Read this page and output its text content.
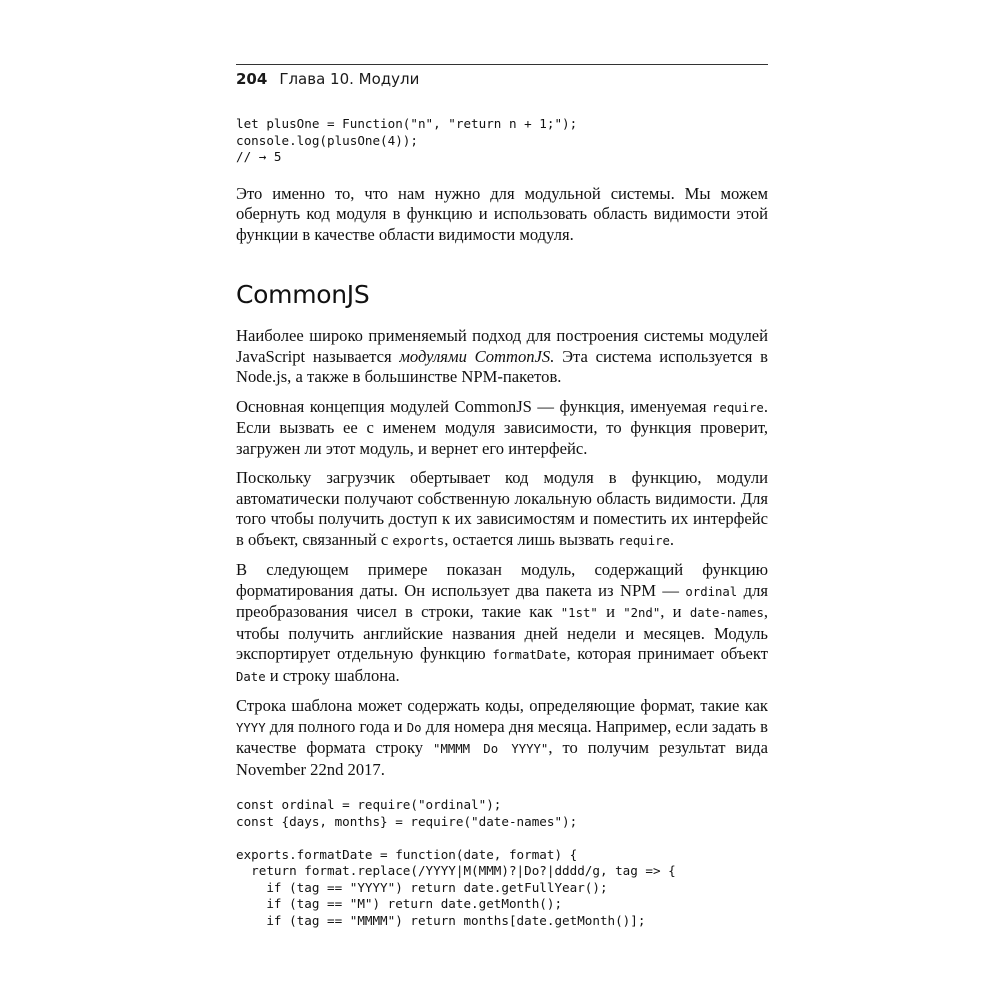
204 Глава 10. Модули
let plusOne = Function("n", "return n + 1;");
console.log(plusOne(4));
// → 5

Это именно то, что нам нужно для модульной системы. Мы можем обернуть код модуля в функцию и использовать область видимости этой функции в качестве области видимости модуля.

CommonJS

Наиболее широко применяемый подход для построения системы модулей JavaScript называется модулями CommonJS. Эта система используется в Node.js, а также в большинстве NPM-пакетов.

Основная концепция модулей CommonJS — функция, именуемая require. Если вызвать ее с именем модуля зависимости, то функция проверит, загружен ли этот модуль, и вернет его интерфейс.

Поскольку загрузчик обертывает код модуля в функцию, модули автоматически получают собственную локальную область видимости. Для того чтобы получить доступ к их зависимостям и поместить их интерфейс в объект, связанный с exports, остается лишь вызвать require.

В следующем примере показан модуль, содержащий функцию форматирования даты. Он использует два пакета из NPM — ordinal для преобразования чисел в строки, такие как "1st" и "2nd", и date-names, чтобы получить английские названия дней недели и месяцев. Модуль экспортирует отдельную функцию formatDate, которая принимает объект Date и строку шаблона.

Строка шаблона может содержать коды, определяющие формат, такие как YYYY для полного года и Do для номера дня месяца. Например, если задать в качестве формата строку "MMMM Do YYYY", то получим результат вида November 22nd 2017.

const ordinal = require("ordinal");
const {days, months} = require("date-names");

exports.formatDate = function(date, format) {
return format.replace(/YYYY|M(MMM)?|Do?|dddd/g, tag => {
if (tag == "YYYY") return date.getFullYear();
if (tag == "M") return date.getMonth();
if (tag == "MMMM") return months[date.getMonth()];
